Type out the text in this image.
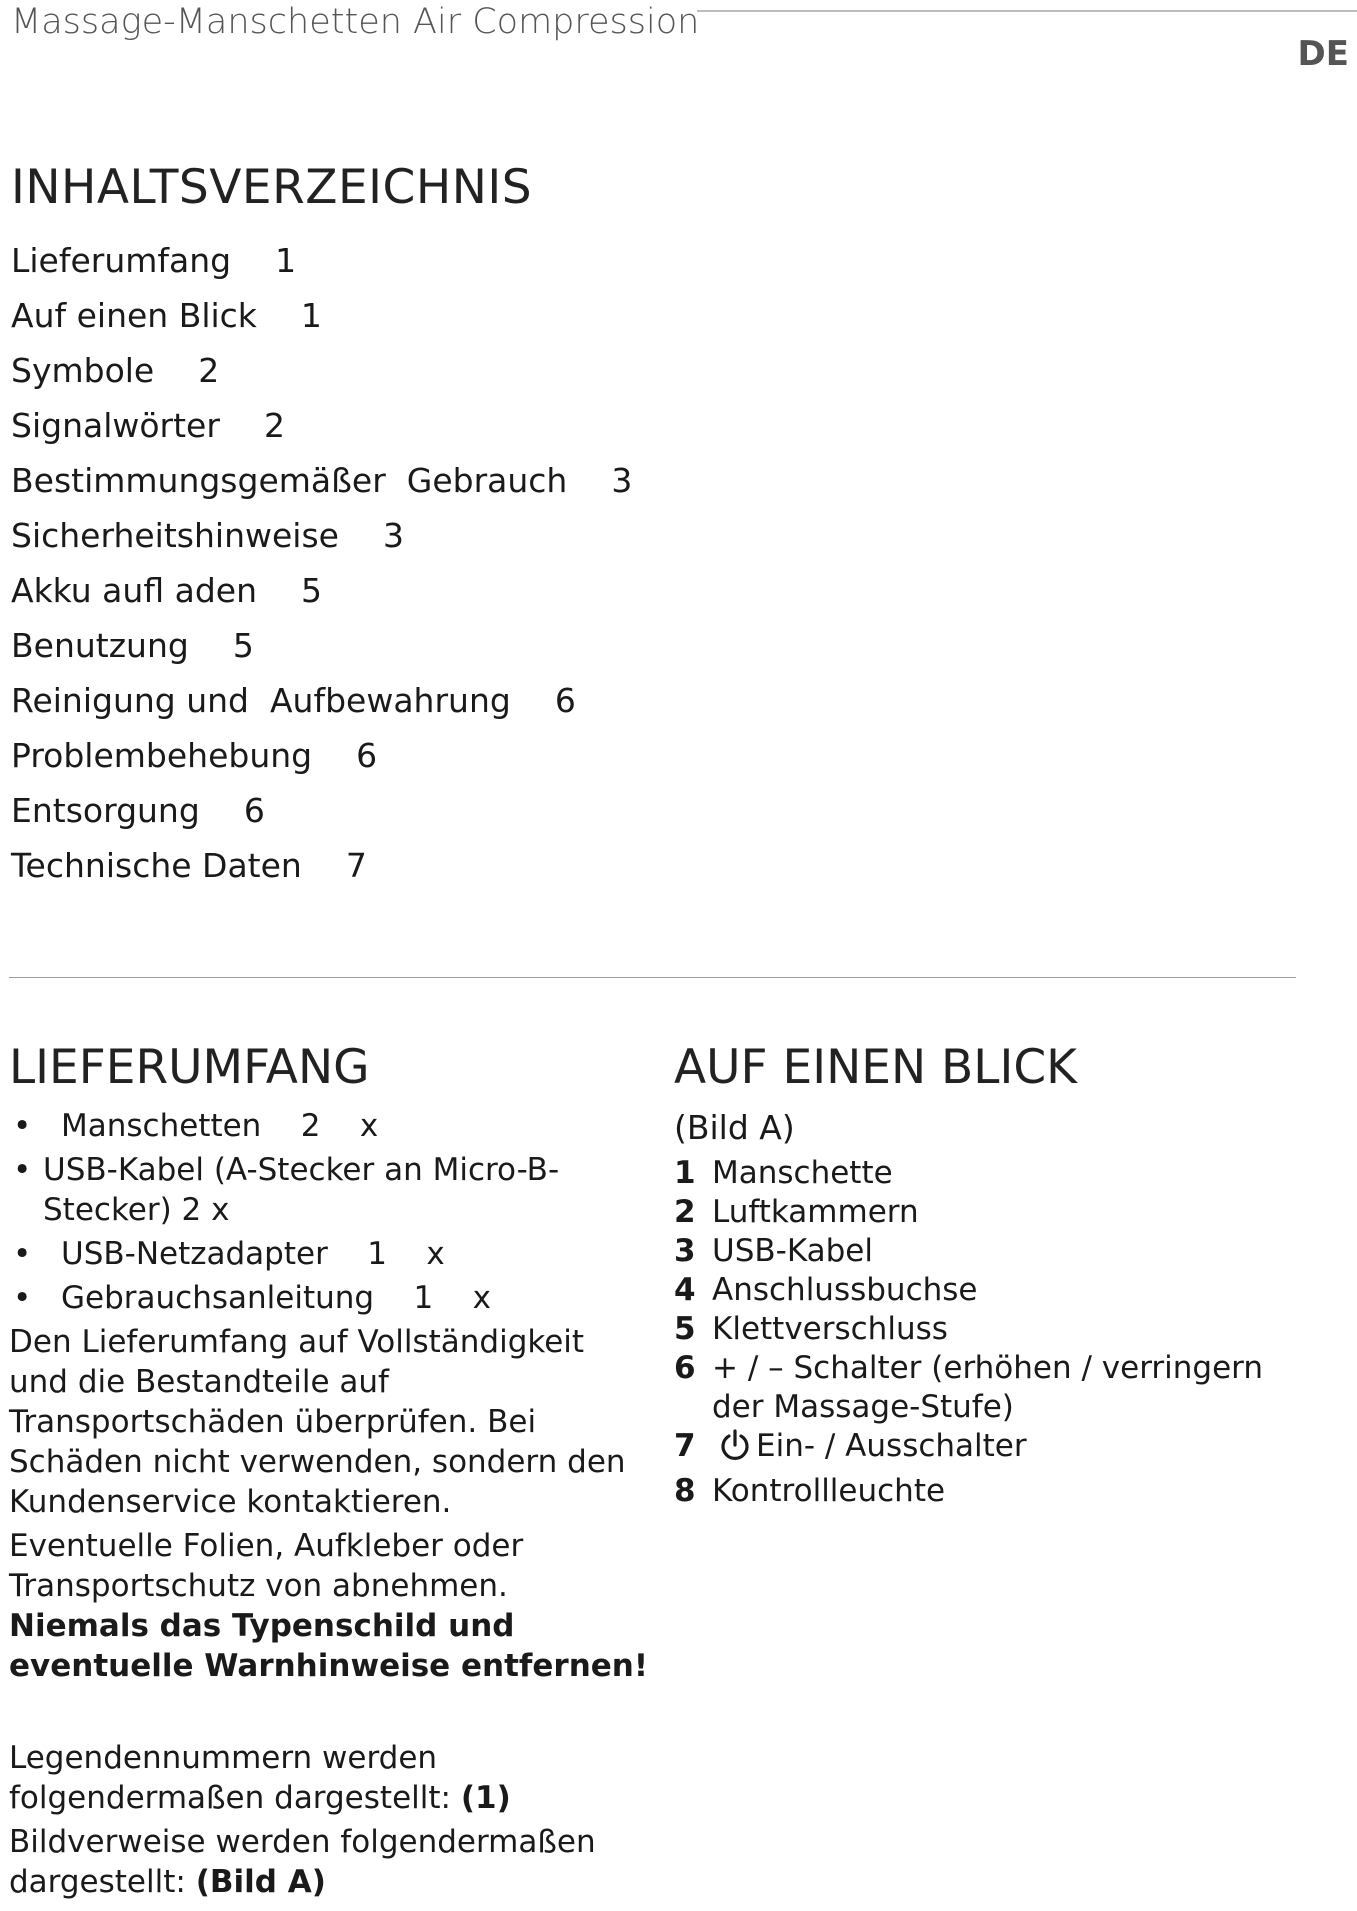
Massage-Manschetten Air Compression
DE
INHALTSVERZEICHNIS
Lieferumfang 1
Auf einen Blick 1
Symbole 2
Signalwörter 2
Bestimmungsgemäßer  Gebrauch 3
Sicherheitshinweise 3
Akku aufl aden 5
Benutzung 5
Reinigung und  Aufbewahrung 6
Problembehebung 6
Entsorgung 6
Technische Daten 7
LIEFERUMFANG
• Manschetten    2    x
• USB-Kabel (A-Stecker an Micro-B-Stecker) 2 x
• USB-Netzadapter    1    x
• Gebrauchsanleitung    1    x

Den Lieferumfang auf Vollständigkeit und die Bestandteile auf Transportschäden überprüfen. Bei Schäden nicht verwenden, sondern den Kundenservice kontaktieren.

Eventuelle Folien, Aufkleber oder Transportschutz von abnehmen. Niemals das Typenschild und eventuelle Warnhinweise entfernen!

Legendennummern werden folgendermaßen dargestellt: (1)

Bildverweise werden folgendermaßen dargestellt: (Bild A)

AUF EINEN BLICK

(Bild A)

1 Manschette
2 Luftkammern
3 USB-Kabel
4 Anschlussbuchse
5 Klettverschluss
6 + / – Schalter (erhöhen / verringern der Massage-Stufe)
7 Ein- / Ausschalter
8 Kontrollleuchte
